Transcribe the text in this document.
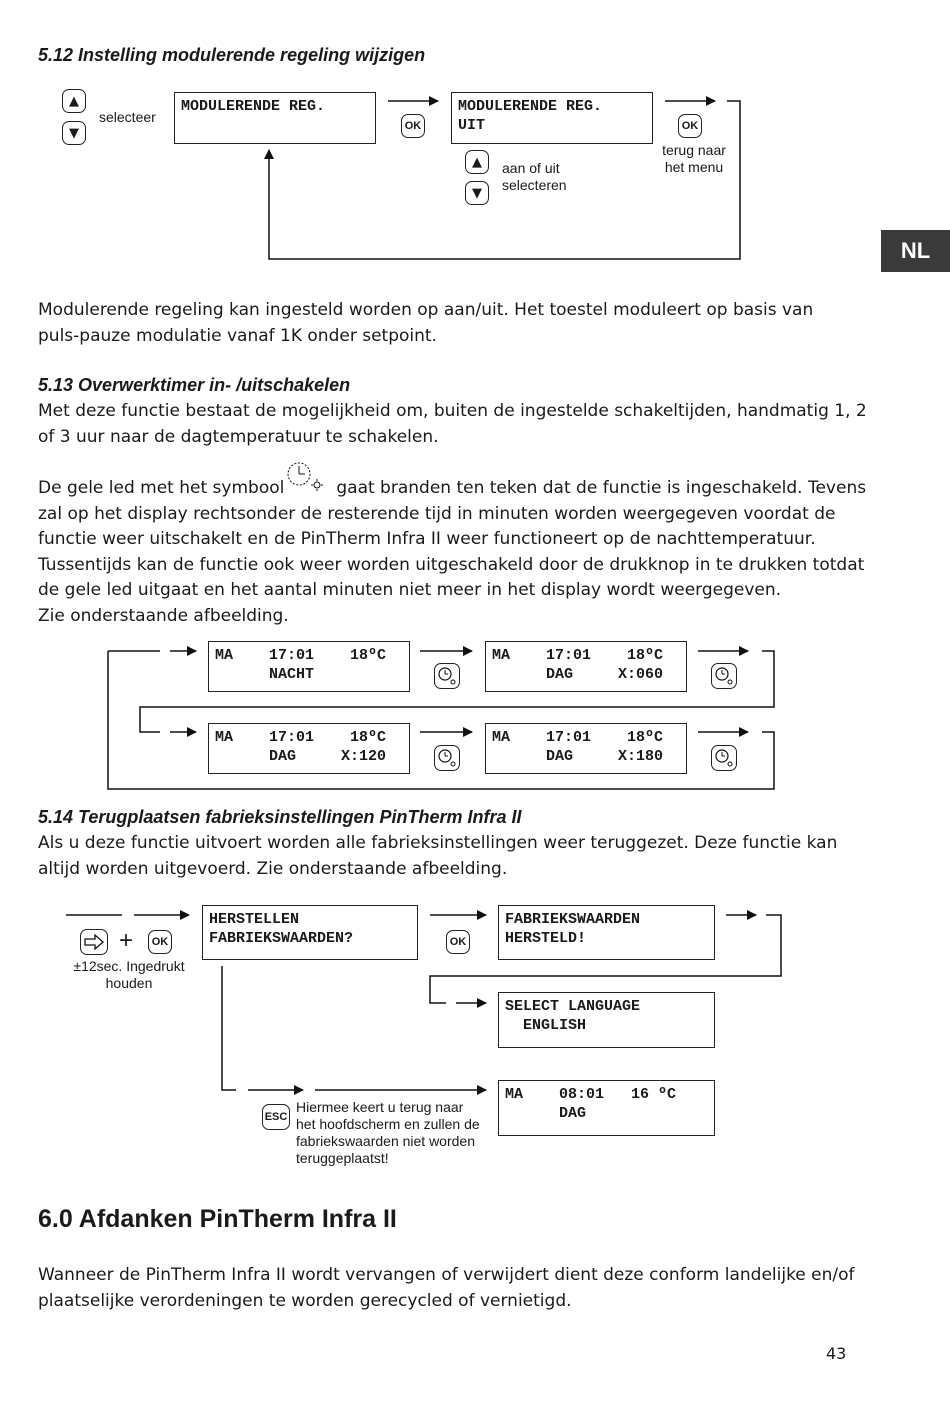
NL
5.12 Instelling modulerende regeling wijzigen
▲
▼
selecteer
MODULERENDE REG.
OK
MODULERENDE REG.
UIT	OK
▲
▼
aan of uit
selecteren
terug naar
het menu
Modulerende regeling kan ingesteld worden op aan/uit. Het toestel moduleert op basis van puls-pauze modulatie vanaf 1K onder setpoint.
5.13 Overwerktimer in- /uitschakelen
Met deze functie bestaat de mogelijkheid om, buiten de ingestelde schakeltijden, handmatig 1, 2 of 3 uur naar de dagtemperatuur te schakelen.
De gele led met het symbool	gaat branden ten teken dat de functie is ingeschakeld. Tevens zal op het display rechtsonder de resterende tijd in minuten worden weergegeven voordat de functie weer uitschakelt en de PinTherm Infra II weer functioneert op de nachttemperatuur. Tussentijds kan de functie ook weer worden uitgeschakeld door de drukknop in te drukken totdat de gele led uitgaat en het aantal minuten niet meer in het display wordt weergegeven.
Zie onderstaande afbeelding.
MA    17:01    18ºC
NACHT
MA    17:01    18ºC
DAG     X:060
MA    17:01    18ºC
DAG     X:120
MA    17:01    18ºC
DAG     X:180
5.14 Terugplaatsen fabrieksinstellingen PinTherm Infra II
Als u deze functie uitvoert worden alle fabrieksinstellingen weer teruggezet. Deze functie kan altijd worden uitgevoerd. Zie onderstaande afbeelding.
+	OK
±12sec. Ingedrukt
houden
HERSTELLEN
FABRIEKSWAARDEN?	OK
FABRIEKSWAARDEN
HERSTELD!
SELECT LANGUAGE
ENGLISH
MA    08:01   16 ºC
DAG
ESC
Hiermee keert u terug naar
het hoofdscherm en zullen de
fabriekswaarden niet worden
teruggeplaatst!
6.0 Afdanken PinTherm Infra II
Wanneer de PinTherm Infra II wordt vervangen of verwijdert dient deze conform landelijke en/of plaatselijke verordeningen te worden gerecycled of vernietigd.
43
